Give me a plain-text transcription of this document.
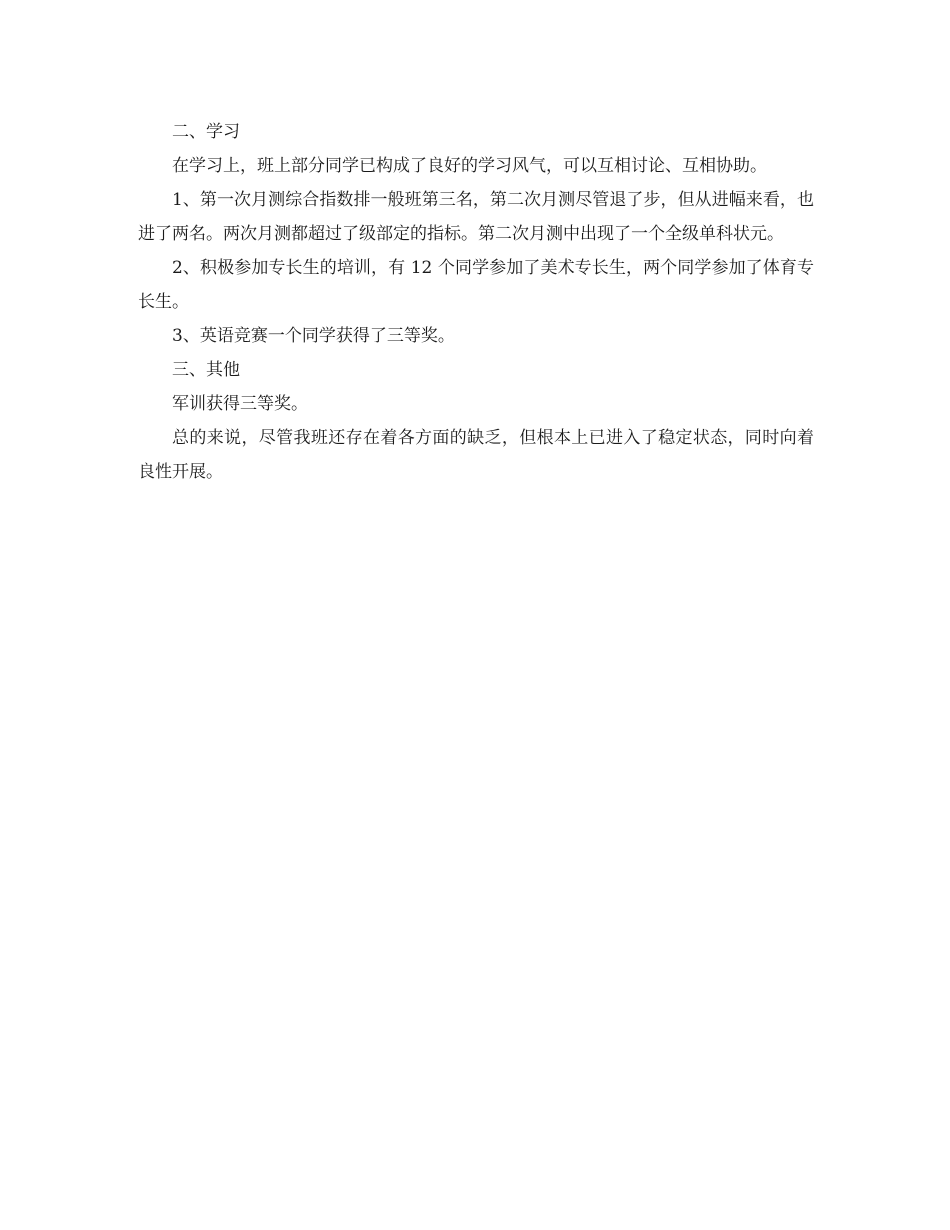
二、学习

在学习上，班上部分同学已构成了良好的学习风气，可以互相讨论、互相协助。

1、第一次月测综合指数排一般班第三名，第二次月测尽管退了步，但从进幅来看，也进了两名。两次月测都超过了级部定的指标。第二次月测中出现了一个全级单科状元。

2、积极参加专长生的培训，有 12 个同学参加了美术专长生，两个同学参加了体育专长生。

3、英语竞赛一个同学获得了三等奖。

三、其他

军训获得三等奖。

总的来说，尽管我班还存在着各方面的缺乏，但根本上已进入了稳定状态，同时向着良性开展。
